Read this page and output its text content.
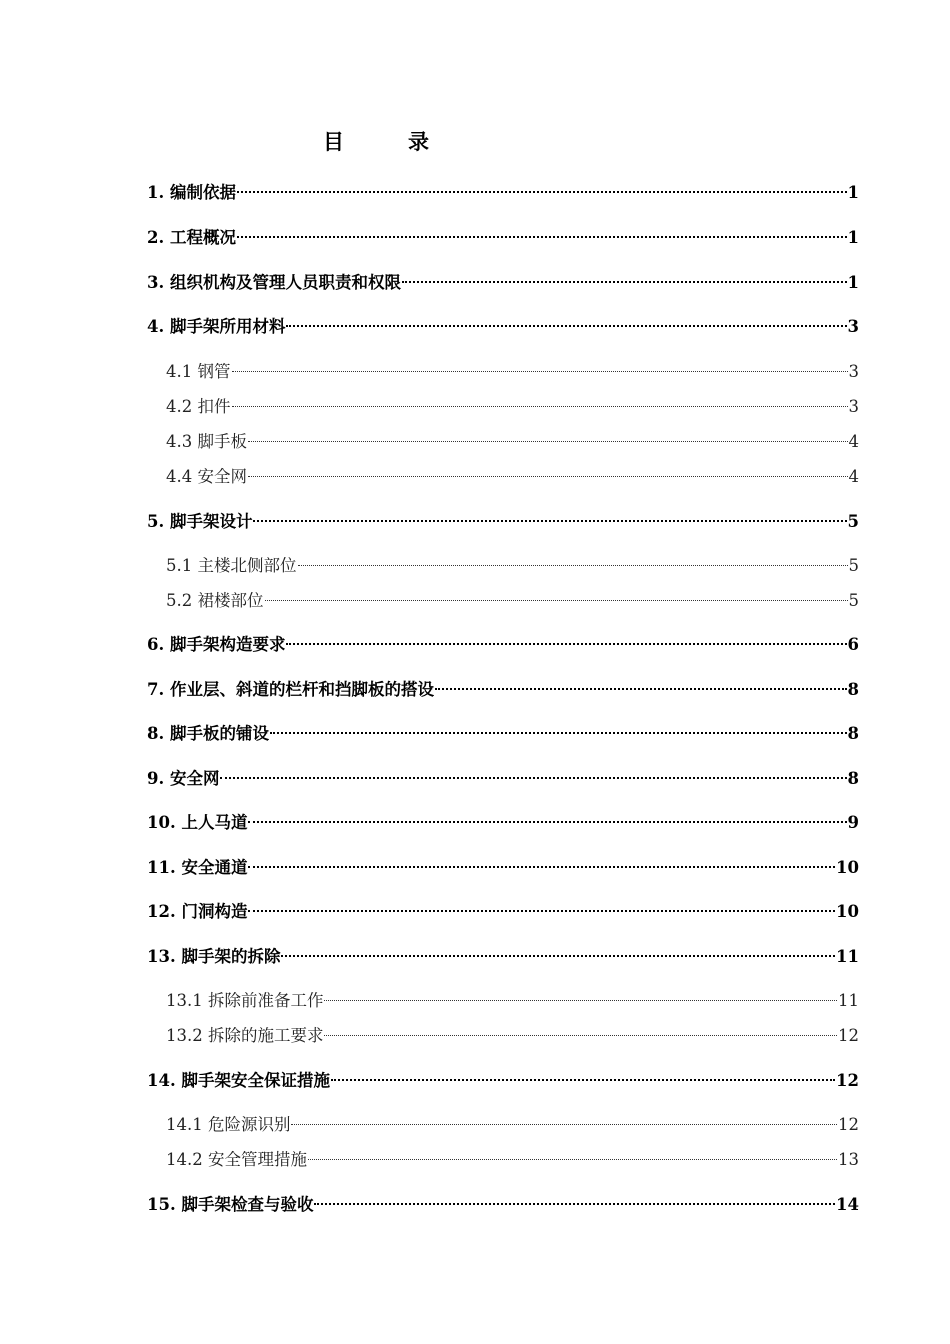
目	录
1. 编制依据	1
2. 工程概况	1
3. 组织机构及管理人员职责和权限	1
4. 脚手架所用材料	3
4.1 钢管	3
4.2 扣件	3
4.3 脚手板	4
4.4 安全网	4
5. 脚手架设计	5
5.1 主楼北侧部位	5
5.2 裙楼部位	5
6. 脚手架构造要求	6
7. 作业层、斜道的栏杆和挡脚板的搭设	8
8. 脚手板的铺设	8
9. 安全网	8
10. 上人马道	9
11. 安全通道	10
12. 门洞构造	10
13. 脚手架的拆除	11
13.1 拆除前准备工作	11
13.2 拆除的施工要求	12
14. 脚手架安全保证措施	12
14.1 危险源识别	12
14.2 安全管理措施	13
15. 脚手架检查与验收	14
